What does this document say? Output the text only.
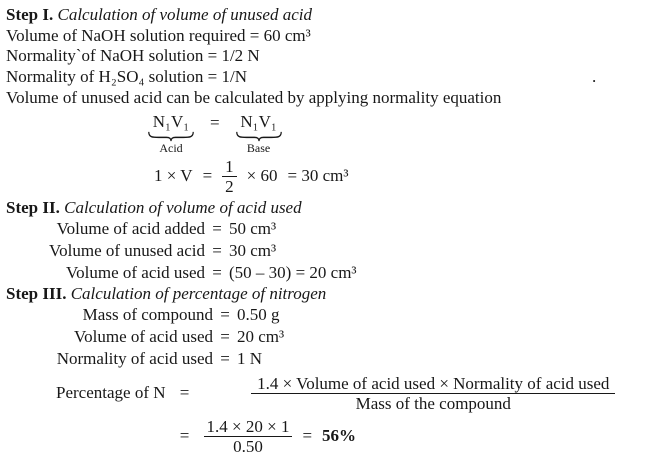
Step I. Calculation of volume of unused acid

Volume of NaOH solution required = 60 cm³

Normality`of NaOH solution = 1/2 N

Normality of H₂SO₄ solution = 1/N	.

Volume of unused acid can be calculated by applying normality equation

N₁V₁
Acid
= N₁V₁
Base
$1 \times V = \frac{1}{2} \times 60 = 30$ cm³

Step II. Calculation of volume of acid used

Volume of acid added = 50 cm³
Volume of unused acid = 30 cm³
Volume of acid used = (50 – 30) = 20 cm³

Step III. Calculation of percentage of nitrogen

Mass of compound = 0.50 g
Volume of acid used = 20 cm³
Normality of acid used = 1 N
Percentage of $N = \frac{\text{1.4 × Volume of acid used × Normality of acid used}}{\text{Mass of the compound}}$
= $\frac{1.4 \times 20 \times 1}{0.50} = 56\%$
